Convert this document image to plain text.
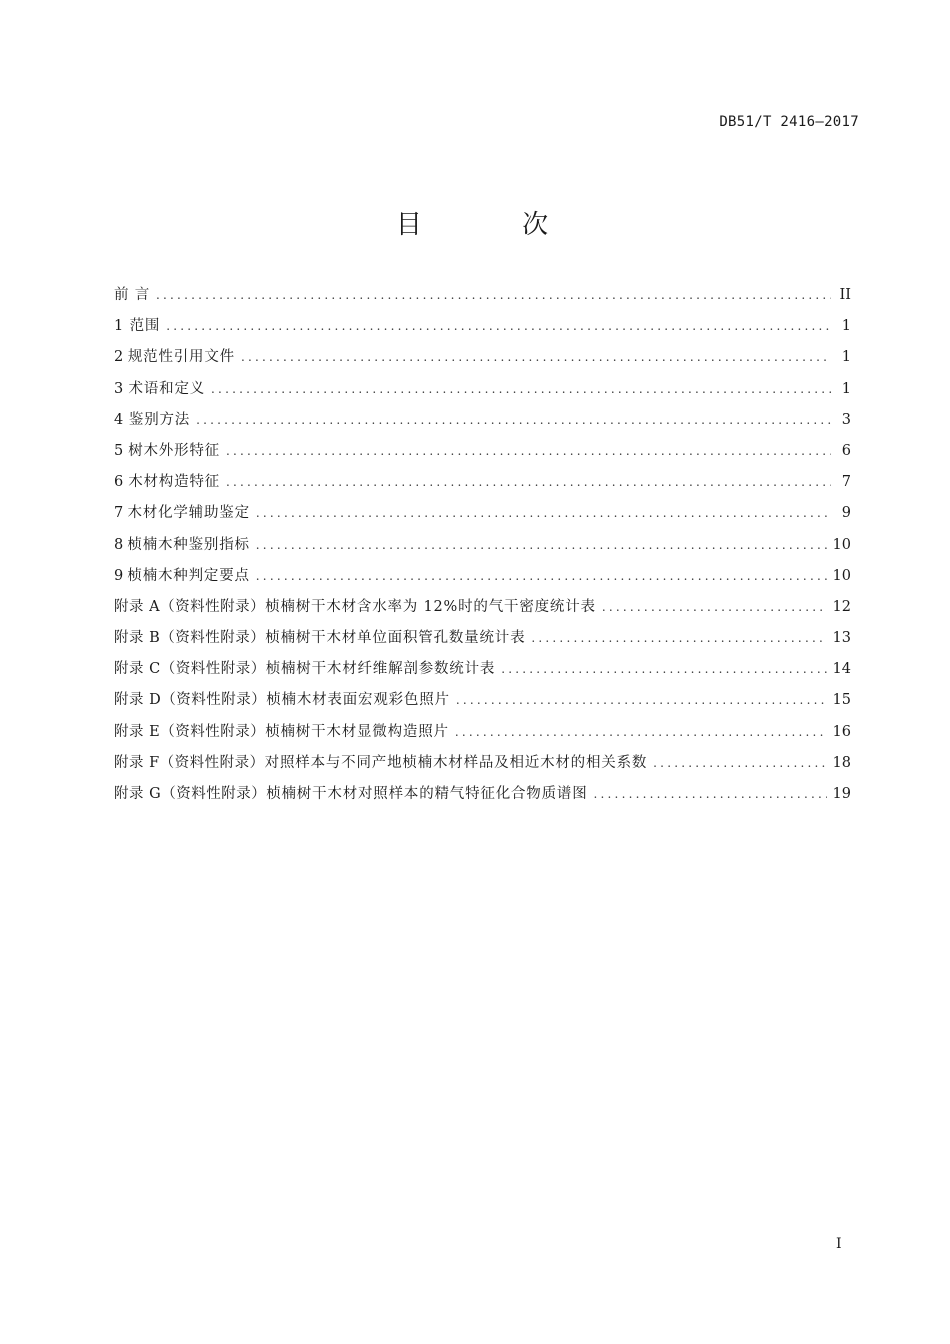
DB51/T 2416—2017
目 次
前 言 .....	II
1 范围 .....	1
2 规范性引用文件 .....	1
3 术语和定义 .....	1
4 鉴别方法 .....	3
5 树木外形特征 .....	6
6 木材构造特征 .....	7
7 木材化学辅助鉴定 .....	9
8 桢楠木种鉴别指标 .....	10
9 桢楠木种判定要点 .....	10
附录 A（资料性附录） 桢楠树干木材含水率为 12%时的气干密度统计表 .....	12
附录 B（资料性附录） 桢楠树干木材单位面积管孔数量统计表 .....	13
附录 C（资料性附录） 桢楠树干木材纤维解剖参数统计表 .....	14
附录 D（资料性附录） 桢楠木材表面宏观彩色照片 .....	15
附录 E（资料性附录） 桢楠树干木材显微构造照片 .....	16
附录 F（资料性附录） 对照样本与不同产地桢楠木材样品及相近木材的相关系数 .....	18
附录 G（资料性附录） 桢楠树干木材对照样本的精气特征化合物质谱图 .....	19
I
